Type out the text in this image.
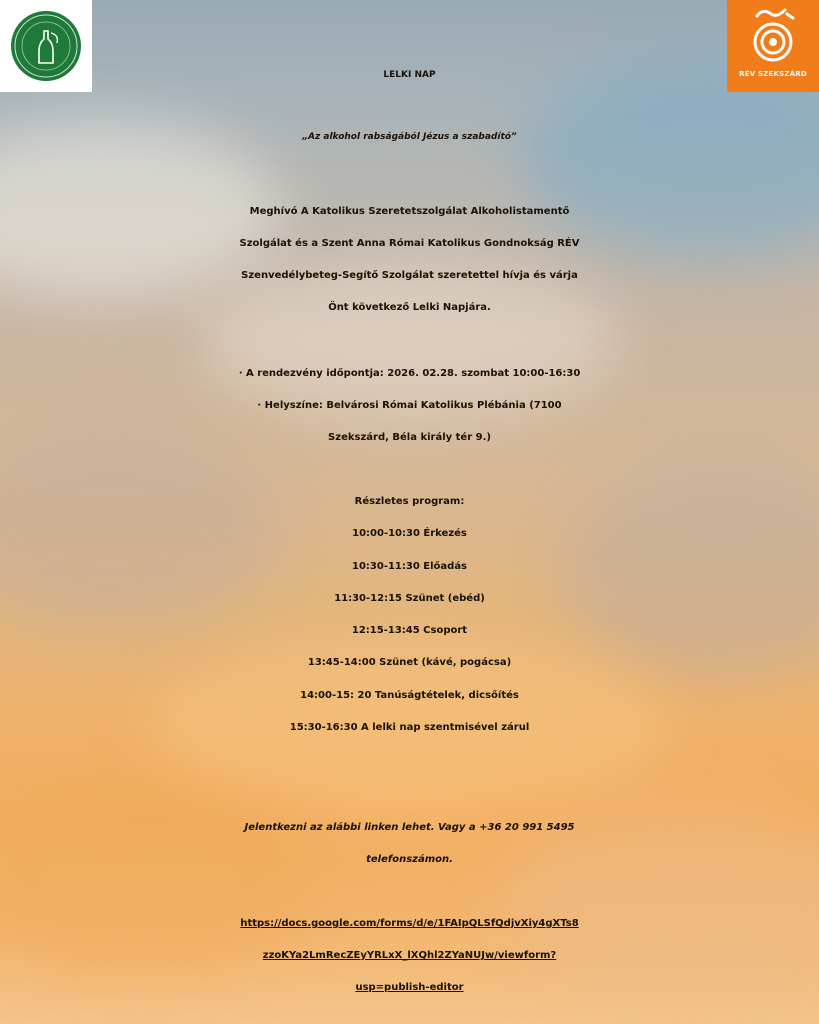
RÉV SZEKSZÁRD
LELKI NAP
„Az alkohol rabságából Jézus a szabadító”
Meghívó A Katolikus Szeretetszolgálat Alkoholistamentő
Szolgálat és a Szent Anna Római Katolikus Gondnokság RÉV
Szenvedélybeteg-Segítő Szolgálat szeretettel hívja és várja
Önt következő Lelki Napjára.
· A rendezvény időpontja: 2026. 02.28. szombat 10:00-16:30
· Helyszíne: Belvárosi Római Katolikus Plébánia (7100
Szekszárd, Béla király tér 9.)
Részletes program:
10:00-10:30 Érkezés
10:30-11:30 Előadás
11:30-12:15 Szünet (ebéd)
12:15-13:45 Csoport
13:45-14:00 Szünet (kávé, pogácsa)
14:00-15: 20 Tanúságtételek, dicsőítés
15:30-16:30 A lelki nap szentmisével zárul
Jelentkezni az alábbi linken lehet. Vagy a +36 20 991 5495
telefonszámon.
https://docs.google.com/forms/d/e/1FAIpQLSfQdjvXiy4gXTs8
zzoKYa2LmRecZEyYRLxX_lXQhl2ZYaNUJw/viewform?
usp=publish-editor
